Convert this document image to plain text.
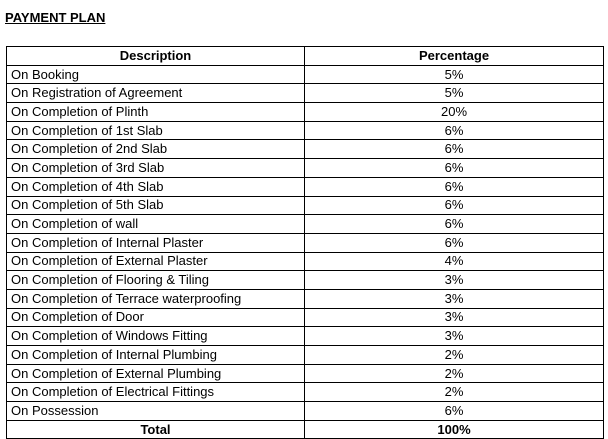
PAYMENT PLAN
Description	Percentage
On Booking	5%
On Registration of Agreement	5%
On Completion of Plinth	20%
On Completion of 1st Slab	6%
On Completion of 2nd Slab	6%
On Completion of 3rd Slab	6%
On Completion of 4th Slab	6%
On Completion of 5th Slab	6%
On Completion of wall	6%
On Completion of Internal Plaster	6%
On Completion of External Plaster	4%
On Completion of Flooring & Tiling	3%
On Completion of Terrace waterproofing	3%
On Completion of Door	3%
On Completion of Windows Fitting	3%
On Completion of Internal Plumbing	2%
On Completion of External Plumbing	2%
On Completion of Electrical Fittings	2%
On Possession	6%
Total	100%
